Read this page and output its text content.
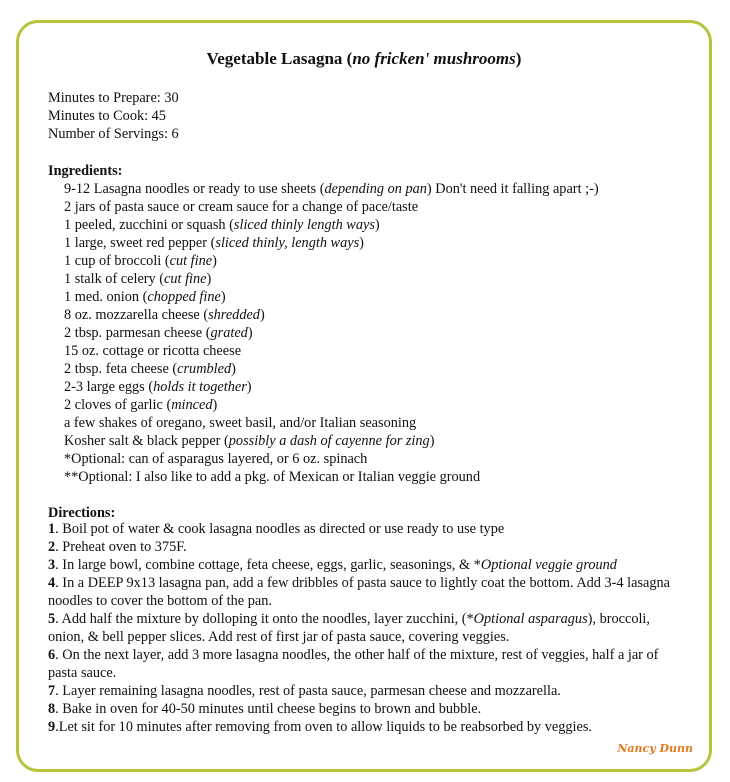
Vegetable Lasagna (no fricken' mushrooms)
Minutes to Prepare: 30
Minutes to Cook: 45
Number of Servings: 6
Ingredients:
9-12 Lasagna noodles or ready to use sheets (depending on pan) Don't need it falling apart ;-)
2 jars of pasta sauce or cream sauce for a change of pace/taste
1 peeled, zucchini or squash (sliced thinly length ways)
1 large, sweet red pepper (sliced thinly, length ways)
1 cup of broccoli (cut fine)
1 stalk of celery (cut fine)
1 med. onion (chopped fine)
8 oz. mozzarella cheese (shredded)
2 tbsp. parmesan cheese (grated)
15 oz. cottage or ricotta cheese
2 tbsp. feta cheese (crumbled)
2-3 large eggs (holds it together)
2 cloves of garlic (minced)
a few shakes of oregano, sweet basil, and/or Italian seasoning
Kosher salt & black pepper (possibly a dash of cayenne for zing)
*Optional: can of asparagus layered, or 6 oz. spinach
**Optional: I also like to add a pkg. of Mexican or Italian veggie ground
Directions:
1. Boil pot of water & cook lasagna noodles as directed or use ready to use type
2. Preheat oven to 375F.
3. In large bowl, combine cottage, feta cheese, eggs, garlic, seasonings, & *Optional veggie ground
4. In a DEEP 9x13 lasagna pan, add a few dribbles of pasta sauce to lightly coat the bottom. Add 3-4 lasagna noodles to cover the bottom of the pan.
5. Add half the mixture by dolloping it onto the noodles, layer zucchini, (*Optional asparagus), broccoli, onion, & bell pepper slices. Add rest of first jar of pasta sauce, covering veggies.
6. On the next layer, add 3 more lasagna noodles, the other half of the mixture, rest of veggies, half a jar of pasta sauce.
7. Layer remaining lasagna noodles, rest of pasta sauce, parmesan cheese and mozzarella.
8. Bake in oven for 40-50 minutes until cheese begins to brown and bubble.
9.Let sit for 10 minutes after removing from oven to allow liquids to be reabsorbed by veggies.
Nancy Dunn
